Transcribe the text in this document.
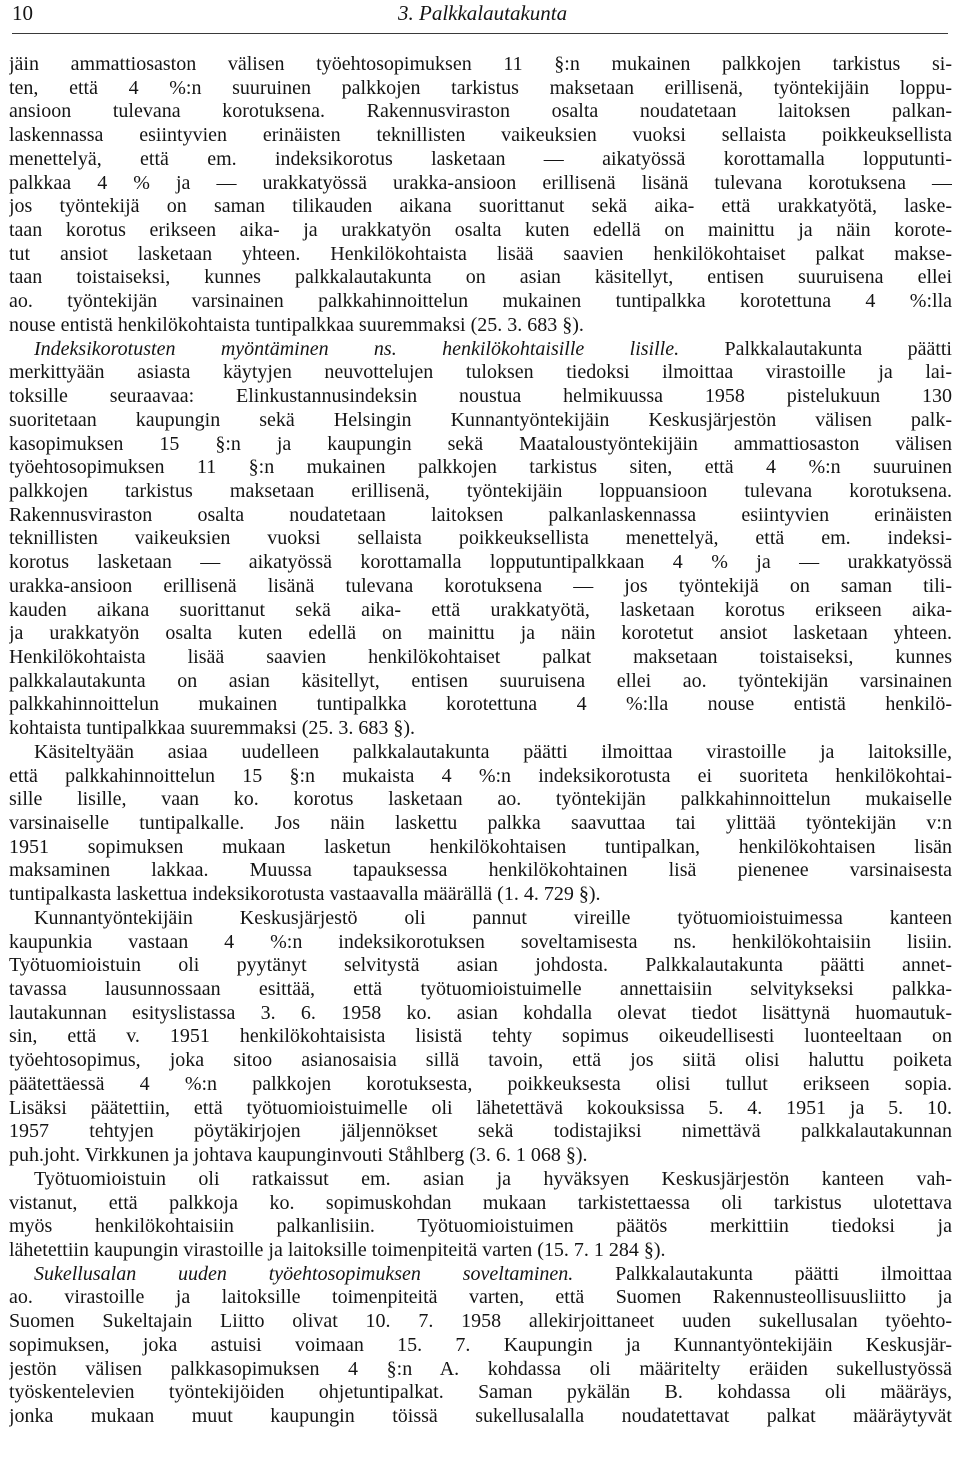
10	3. Palkkalautakunta
jäin ammattiosaston välisen työehtosopimuksen 11 §:n mukainen palkkojen tarkistus si-
ten, että 4 %:n suuruinen palkkojen tarkistus maksetaan erillisenä, työntekijäin loppu-
ansioon tulevana korotuksena. Rakennusviraston osalta noudatetaan laitoksen palkan-
laskennassa esiintyvien erinäisten teknillisten vaikeuksien vuoksi sellaista poikkeuksellista
menettelyä, että em. indeksikorotus lasketaan — aikatyössä korottamalla lopputunti-
palkkaa 4 % ja — urakkatyössä urakka-ansioon erillisenä lisänä tulevana korotuksena —
jos työntekijä on saman tilikauden aikana suorittanut sekä aika- että urakkatyötä, laske-
taan korotus erikseen aika- ja urakkatyön osalta kuten edellä on mainittu ja näin korote-
tut ansiot lasketaan yhteen. Henkilökohtaista lisää saavien henkilökohtaiset palkat makse-
taan toistaiseksi, kunnes palkkalautakunta on asian käsitellyt, entisen suuruisena ellei
ao. työntekijän varsinainen palkkahinnoittelun mukainen tuntipalkka korotettuna 4 %:lla
nouse entistä henkilökohtaista tuntipalkkaa suuremmaksi (25. 3. 683 §).
Indeksikorotusten myöntäminen ns. henkilökohtaisille lisille. Palkkalautakunta päätti
merkittyään asiasta käytyjen neuvottelujen tuloksen tiedoksi ilmoittaa virastoille ja lai-
toksille seuraavaa: Elinkustannusindeksin noustua helmikuussa 1958 pistelukuun 130
suoritetaan kaupungin sekä Helsingin Kunnantyöntekijäin Keskusjärjestön välisen palk-
kasopimuksen 15 §:n ja kaupungin sekä Maataloustyöntekijäin ammattiosaston välisen
työehtosopimuksen 11 §:n mukainen palkkojen tarkistus siten, että 4 %:n suuruinen
palkkojen tarkistus maksetaan erillisenä, työntekijäin loppuansioon tulevana korotuksena.
Rakennusviraston osalta noudatetaan laitoksen palkanlaskennassa esiintyvien erinäisten
teknillisten vaikeuksien vuoksi sellaista poikkeuksellista menettelyä, että em. indeksi-
korotus lasketaan — aikatyössä korottamalla lopputuntipalkkaan 4 % ja — urakkatyössä
urakka-ansioon erillisenä lisänä tulevana korotuksena — jos työntekijä on saman tili-
kauden aikana suorittanut sekä aika- että urakkatyötä, lasketaan korotus erikseen aika-
ja urakkatyön osalta kuten edellä on mainittu ja näin korotetut ansiot lasketaan yhteen.
Henkilökohtaista lisää saavien henkilökohtaiset palkat maksetaan toistaiseksi, kunnes
palkkalautakunta on asian käsitellyt, entisen suuruisena ellei ao. työntekijän varsinainen
palkkahinnoittelun mukainen tuntipalkka korotettuna 4 %:lla nouse entistä henkilö-
kohtaista tuntipalkkaa suuremmaksi (25. 3. 683 §).
Käsiteltyään asiaa uudelleen palkkalautakunta päätti ilmoittaa virastoille ja laitoksille,
että palkkahinnoittelun 15 §:n mukaista 4 %:n indeksikorotusta ei suoriteta henkilökohtai-
sille lisille, vaan ko. korotus lasketaan ao. työntekijän palkkahinnoittelun mukaiselle
varsinaiselle tuntipalkalle. Jos näin laskettu palkka saavuttaa tai ylittää työntekijän v:n
1951 sopimuksen mukaan lasketun henkilökohtaisen tuntipalkan, henkilökohtaisen lisän
maksaminen lakkaa. Muussa tapauksessa henkilökohtainen lisä pienenee varsinaisesta
tuntipalkasta laskettua indeksikorotusta vastaavalla määrällä (1. 4. 729 §).
Kunnantyöntekijäin Keskusjärjestö oli pannut vireille työtuomioistuimessa kanteen
kaupunkia vastaan 4 %:n indeksikorotuksen soveltamisesta ns. henkilökohtaisiin lisiin.
Työtuomioistuin oli pyytänyt selvitystä asian johdosta. Palkkalautakunta päätti annet-
tavassa lausunnossaan esittää, että työtuomioistuimelle annettaisiin selvitykseksi palkka-
lautakunnan esityslistassa 3. 6. 1958 ko. asian kohdalla olevat tiedot lisättynä huomautuk-
sin, että v. 1951 henkilökohtaisista lisistä tehty sopimus oikeudellisesti luonteeltaan on
työehtosopimus, joka sitoo asianosaisia sillä tavoin, että jos siitä olisi haluttu poiketa
päätettäessä 4 %:n palkkojen korotuksesta, poikkeuksesta olisi tullut erikseen sopia.
Lisäksi päätettiin, että työtuomioistuimelle oli lähetettävä kokouksissa 5. 4. 1951 ja 5. 10.
1957 tehtyjen pöytäkirjojen jäljennökset sekä todistajiksi nimettävä palkkalautakunnan
puh.joht. Virkkunen ja johtava kaupunginvouti Ståhlberg (3. 6. 1 068 §).
Työtuomioistuin oli ratkaissut em. asian ja hyväksyen Keskusjärjestön kanteen vah-
vistanut, että palkkoja ko. sopimuskohdan mukaan tarkistettaessa oli tarkistus ulotettava
myös henkilökohtaisiin palkanlisiin. Työtuomioistuimen päätös merkittiin tiedoksi ja
lähetettiin kaupungin virastoille ja laitoksille toimenpiteitä varten (15. 7. 1 284 §).
Sukellusalan uuden työehtosopimuksen soveltaminen. Palkkalautakunta päätti ilmoittaa
ao. virastoille ja laitoksille toimenpiteitä varten, että Suomen Rakennusteollisuusliitto ja
Suomen Sukeltajain Liitto olivat 10. 7. 1958 allekirjoittaneet uuden sukellusalan työehto-
sopimuksen, joka astuisi voimaan 15. 7. Kaupungin ja Kunnantyöntekijäin Keskusjär-
jestön välisen palkkasopimuksen 4 §:n A. kohdassa oli määritelty eräiden sukellustyössä
työskentelevien työntekijöiden ohjetuntipalkat. Saman pykälän B. kohdassa oli määräys,
jonka mukaan muut kaupungin töissä sukellusalalla noudatettavat palkat määräytyvät
